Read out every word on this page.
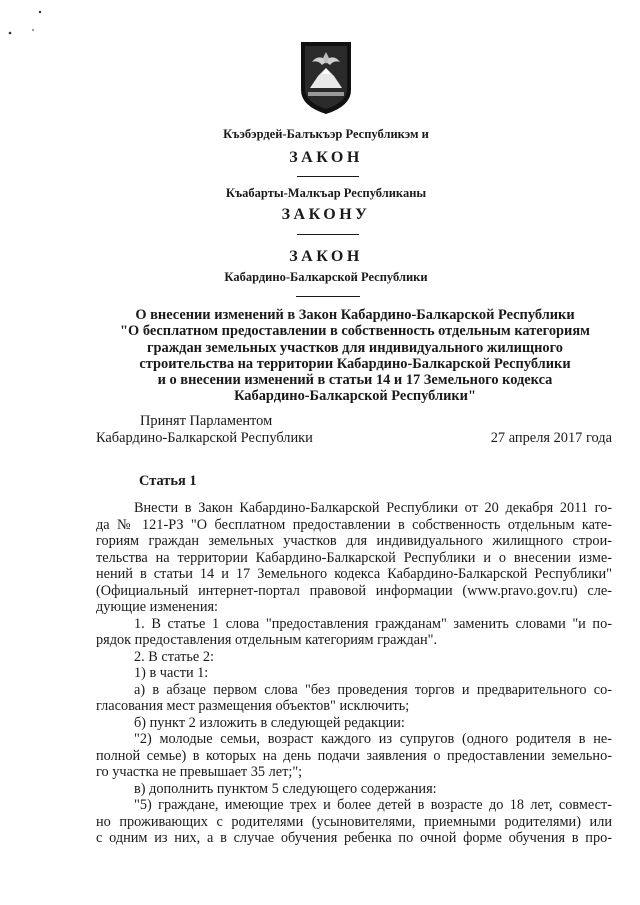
Къэбэрдей-Балъкъэр Республикэм и
ЗАКОН
Къабарты-Малкъар Республиканы
ЗАКОНУ
ЗАКОН
Кабардино-Балкарской Республики
О внесении изменений в Закон Кабардино-Балкарской Республики
"О бесплатном предоставлении в собственность отдельным категориям
граждан земельных участков для индивидуального жилищного
строительства на территории Кабардино-Балкарской Республики
и о внесении изменений в статьи 14 и 17 Земельного кодекса
Кабардино-Балкарской Республики"
Принят Парламентом
Кабардино-Балкарской Республики	27 апреля 2017 года
Статья 1
Внести в Закон Кабардино-Балкарской Республики от 20 декабря 2011 го-
да № 121-РЗ "О бесплатном предоставлении в собственность отдельным кате-
гориям граждан земельных участков для индивидуального жилищного строи-
тельства на территории Кабардино-Балкарской Республики и о внесении изме-
нений в статьи 14 и 17 Земельного кодекса Кабардино-Балкарской Республики"
(Официальный интернет-портал правовой информации (www.pravo.gov.ru) сле-
дующие изменения:
1. В статье 1 слова "предоставления гражданам" заменить словами "и по-
рядок предоставления отдельным категориям граждан".
2. В статье 2:
1) в части 1:
а) в абзаце первом слова "без проведения торгов и предварительного со-
гласования мест размещения объектов" исключить;
б) пункт 2 изложить в следующей редакции:
"2) молодые семьи, возраст каждого из супругов (одного родителя в не-
полной семье) в которых на день подачи заявления о предоставлении земельно-
го участка не превышает 35 лет;";
в) дополнить пунктом 5 следующего содержания:
"5) граждане, имеющие трех и более детей в возрасте до 18 лет, совмест-
но проживающих с родителями (усыновителями, приемными родителями) или
с одним из них, а в случае обучения ребенка по очной форме обучения в про-
